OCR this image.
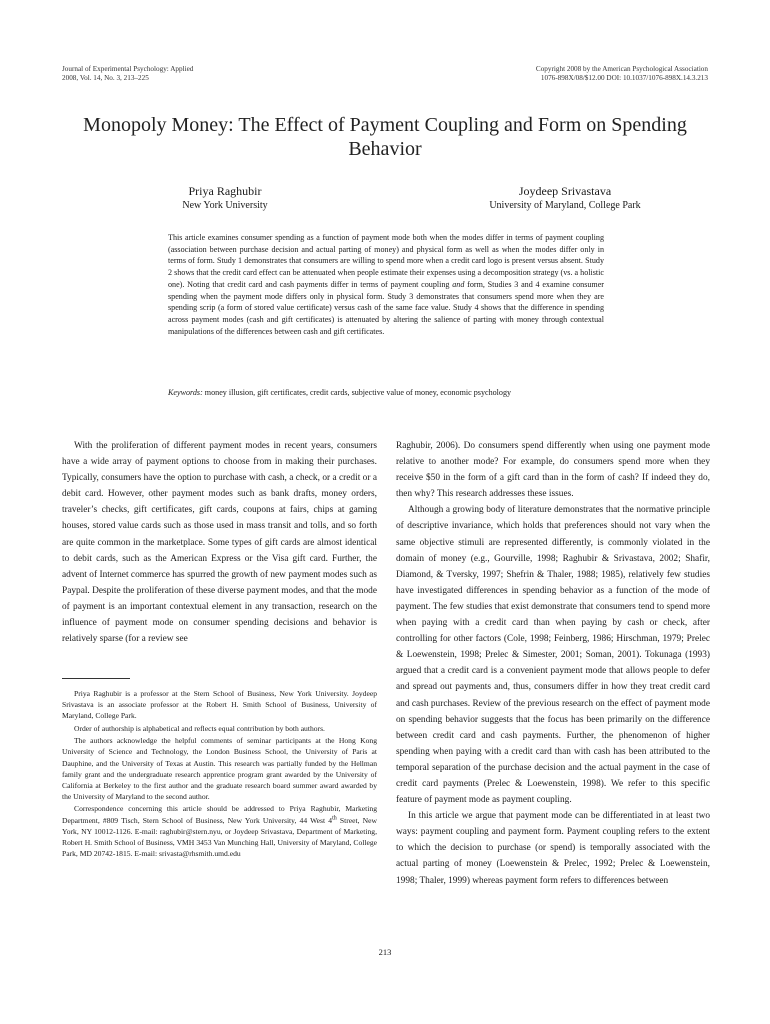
Journal of Experimental Psychology: Applied
2008, Vol. 14, No. 3, 213–225
Copyright 2008 by the American Psychological Association
1076-898X/08/$12.00 DOI: 10.1037/1076-898X.14.3.213
Monopoly Money: The Effect of Payment Coupling and Form on Spending Behavior
Priya Raghubir
New York University
Joydeep Srivastava
University of Maryland, College Park
This article examines consumer spending as a function of payment mode both when the modes differ in terms of payment coupling (association between purchase decision and actual parting of money) and physical form as well as when the modes differ only in terms of form. Study 1 demonstrates that consumers are willing to spend more when a credit card logo is present versus absent. Study 2 shows that the credit card effect can be attenuated when people estimate their expenses using a decomposition strategy (vs. a holistic one). Noting that credit card and cash payments differ in terms of payment coupling and form, Studies 3 and 4 examine consumer spending when the payment mode differs only in physical form. Study 3 demonstrates that consumers spend more when they are spending scrip (a form of stored value certificate) versus cash of the same face value. Study 4 shows that the difference in spending across payment modes (cash and gift certificates) is attenuated by altering the salience of parting with money through contextual manipulations of the differences between cash and gift certificates.
Keywords: money illusion, gift certificates, credit cards, subjective value of money, economic psychology

With the proliferation of different payment modes in recent years, consumers have a wide array of payment options to choose from in making their purchases. Typically, consumers have the option to purchase with cash, a check, or a credit or a debit card. However, other payment modes such as bank drafts, money orders, traveler’s checks, gift certificates, gift cards, coupons at fairs, chips at gaming houses, stored value cards such as those used in mass transit and tolls, and so forth are quite common in the marketplace. Some types of gift cards are almost identical to debit cards, such as the American Express or the Visa gift card. Further, the advent of Internet commerce has spurred the growth of new payment modes such as Paypal. Despite the proliferation of these diverse payment modes, and that the mode of payment is an important contextual element in any transaction, research on the influence of payment mode on consumer spending decisions and behavior is relatively sparse (for a review see

Priya Raghubir is a professor at the Stern School of Business, New York University. Joydeep Srivastava is an associate professor at the Robert H. Smith School of Business, University of Maryland, College Park.

Order of authorship is alphabetical and reflects equal contribution by both authors.

The authors acknowledge the helpful comments of seminar participants at the Hong Kong University of Science and Technology, the London Business School, the University of Paris at Dauphine, and the University of Texas at Austin. This research was partially funded by the Hellman family grant and the undergraduate research apprentice program grant awarded by the University of California at Berkeley to the first author and the graduate research board summer award awarded by the University of Maryland to the second author.

Correspondence concerning this article should be addressed to Priya Raghubir, Marketing Department, #809 Tisch, Stern School of Business, New York University, 44 West 4th Street, New York, NY 10012-1126. E-mail: raghubir@stern.nyu, or Joydeep Srivastava, Department of Marketing, Robert H. Smith School of Business, VMH 3453 Van Munching Hall, University of Maryland, College Park, MD 20742-1815. E-mail: srivasta@rhsmith.umd.edu

Raghubir, 2006). Do consumers spend differently when using one payment mode relative to another mode? For example, do consumers spend more when they receive $50 in the form of a gift card than in the form of cash? If indeed they do, then why? This research addresses these issues.

Although a growing body of literature demonstrates that the normative principle of descriptive invariance, which holds that preferences should not vary when the same objective stimuli are represented differently, is commonly violated in the domain of money (e.g., Gourville, 1998; Raghubir & Srivastava, 2002; Shafir, Diamond, & Tversky, 1997; Shefrin & Thaler, 1988; 1985), relatively few studies have investigated differences in spending behavior as a function of the mode of payment. The few studies that exist demonstrate that consumers tend to spend more when paying with a credit card than when paying by cash or check, after controlling for other factors (Cole, 1998; Feinberg, 1986; Hirschman, 1979; Prelec & Loewenstein, 1998; Prelec & Simester, 2001; Soman, 2001). Tokunaga (1993) argued that a credit card is a convenient payment mode that allows people to defer and spread out payments and, thus, consumers differ in how they treat credit card and cash purchases. Review of the previous research on the effect of payment mode on spending behavior suggests that the focus has been primarily on the difference between credit card and cash payments. Further, the phenomenon of higher spending when paying with a credit card than with cash has been attributed to the temporal separation of the purchase decision and the actual payment in the case of credit card payments (Prelec & Loewenstein, 1998). We refer to this specific feature of payment mode as payment coupling.

In this article we argue that payment mode can be differentiated in at least two ways: payment coupling and payment form. Payment coupling refers to the extent to which the decision to purchase (or spend) is temporally associated with the actual parting of money (Loewenstein & Prelec, 1992; Prelec & Loewenstein, 1998; Thaler, 1999) whereas payment form refers to differences between

213
